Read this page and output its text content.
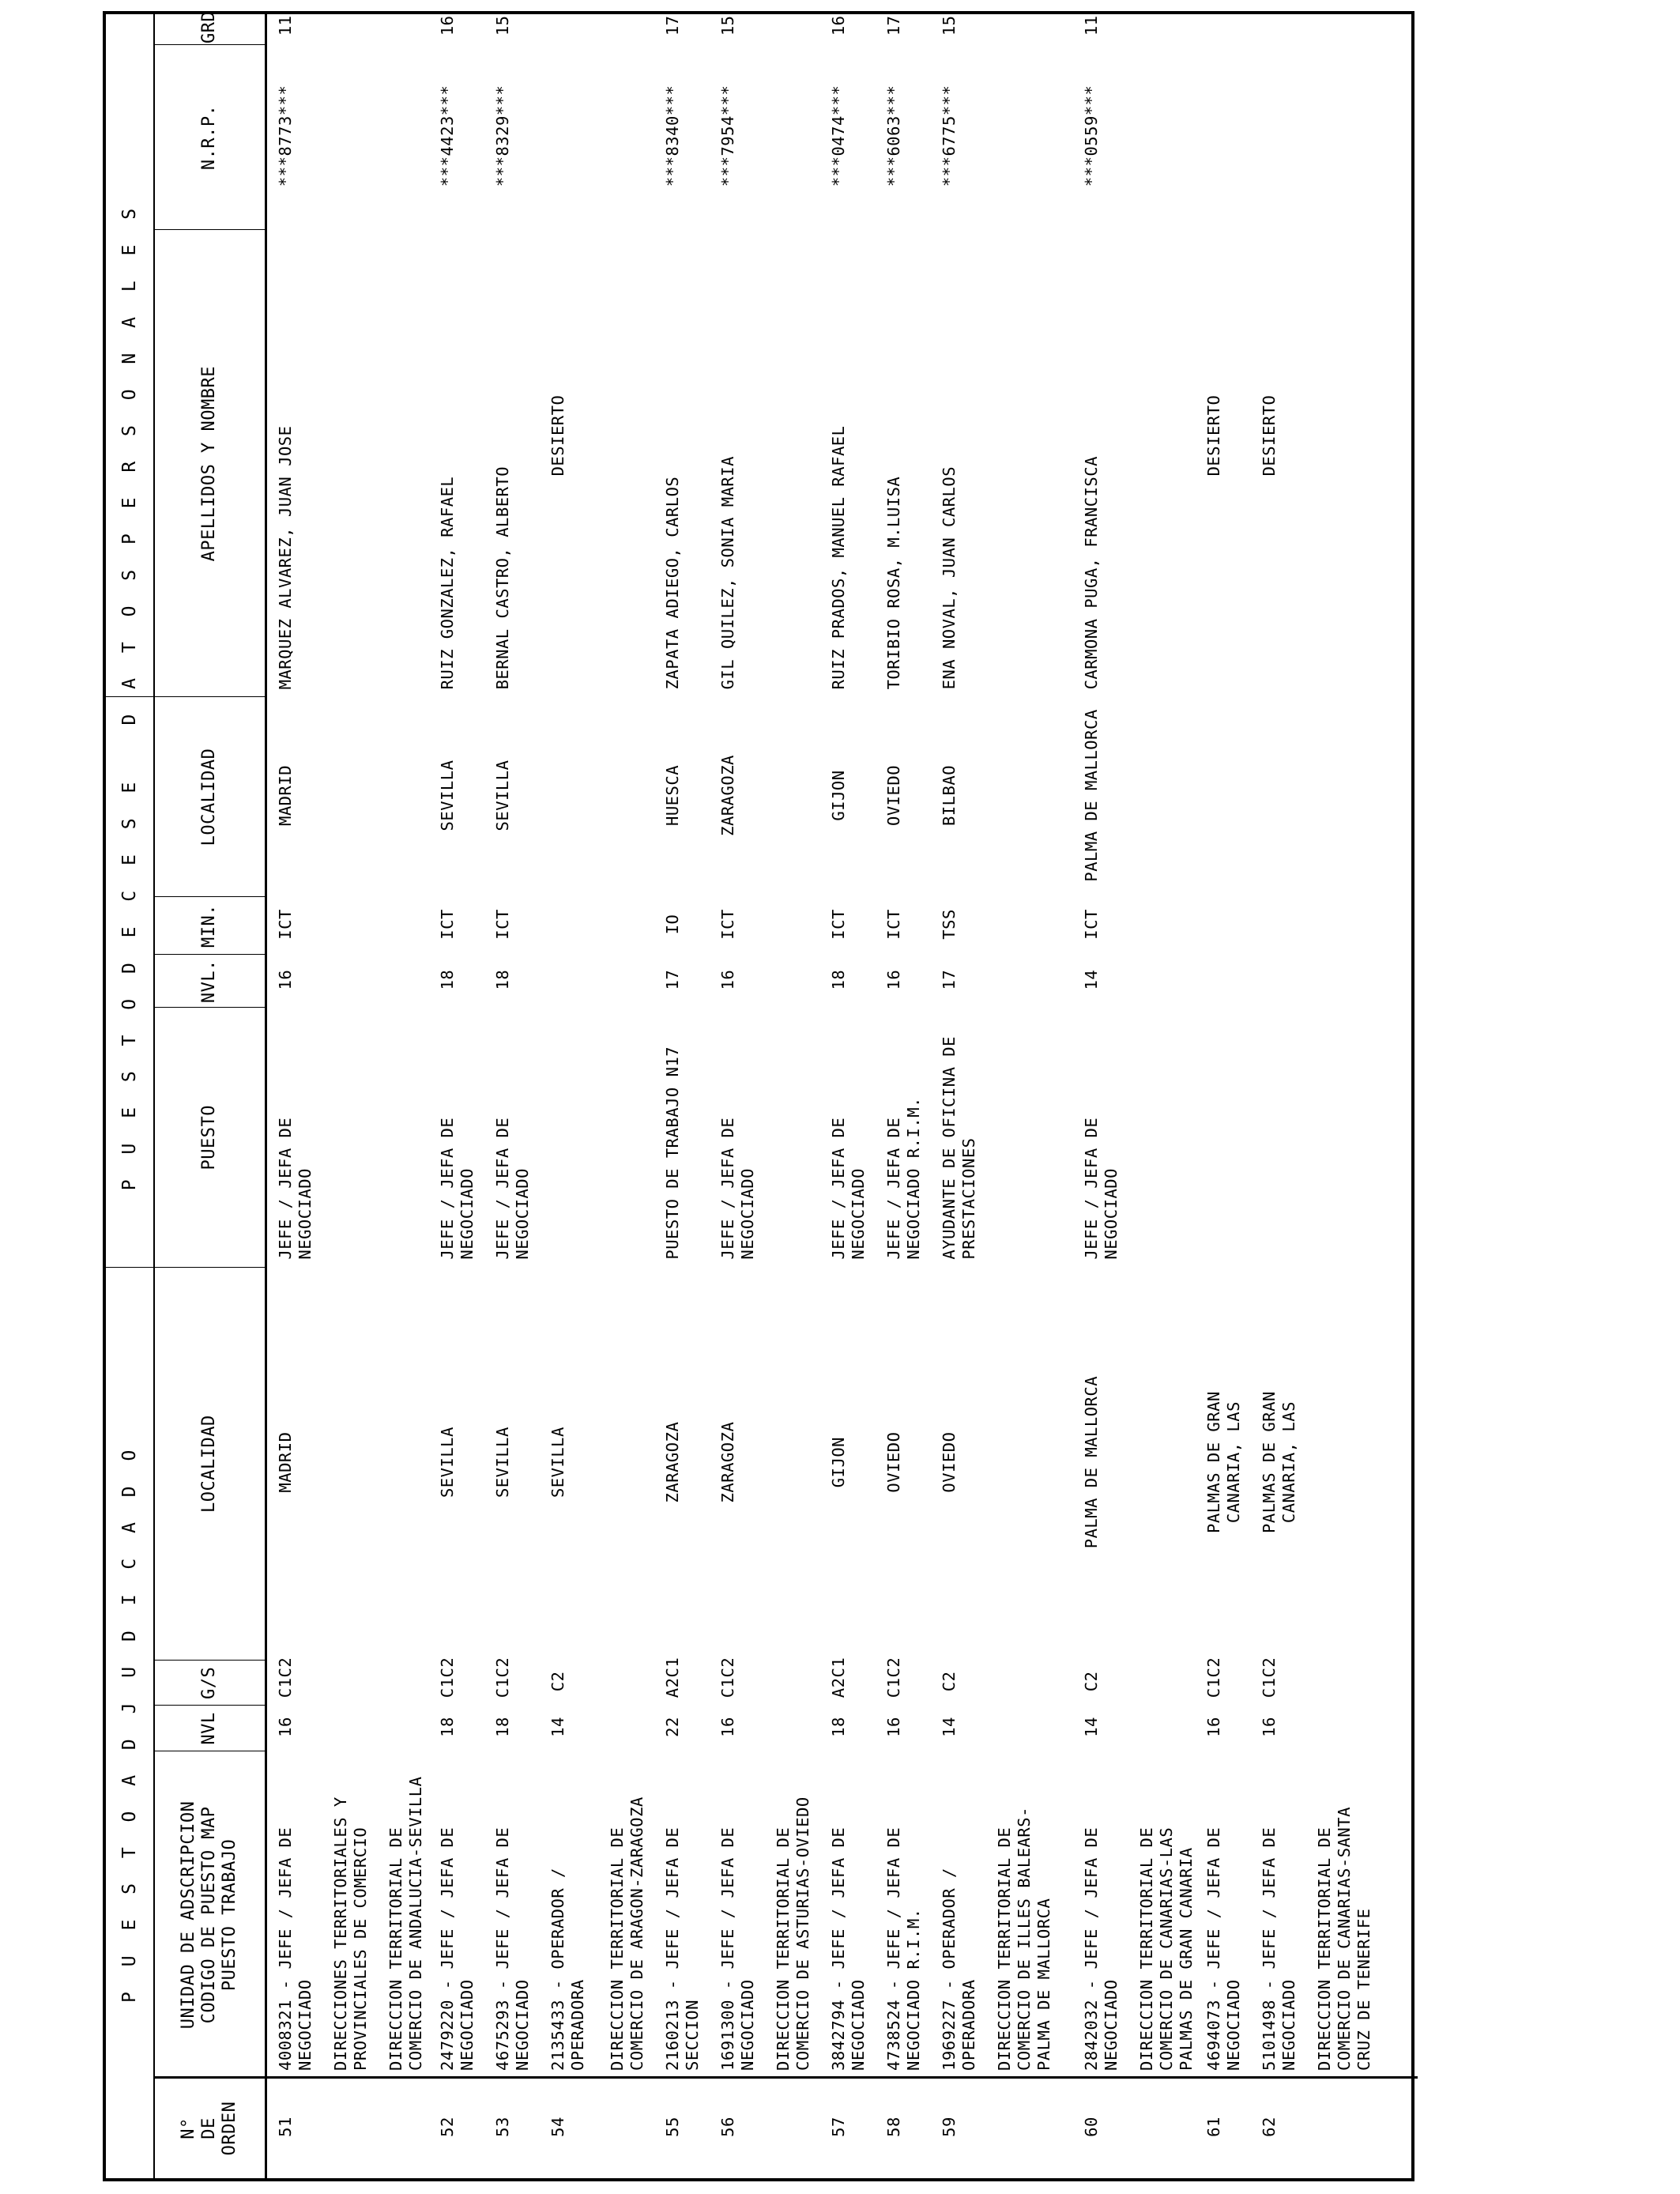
P U E S T O A D J U D I C A D O
P U E S T O D E C E S E
D A T O S P E R S O N A L E S
N°
DE
ORDEN
UNIDAD DE ADSCRIPCION
CODIGO DE PUESTO MAP
PUESTO TRABAJO
NVL
G/S
LOCALIDAD
PUESTO
NVL.
MIN.
LOCALIDAD
APELLIDOS Y NOMBRE
N.R.P.
GRD
51
4008321 - JEFE / JEFA DE
NEGOCIADO
16
C1C2
MADRID
JEFE / JEFA DE
NEGOCIADO
16
ICT
MADRID
MARQUEZ ALVAREZ, JUAN JOSE
***8773***
11
DIRECCIONES TERRITORIALES Y
PROVINCIALES DE COMERCIO
DIRECCION TERRITORIAL DE
COMERCIO DE ANDALUCIA-SEVILLA
52
2479220 - JEFE / JEFA DE
NEGOCIADO
18
C1C2
SEVILLA
JEFE / JEFA DE
NEGOCIADO
18
ICT
SEVILLA
RUIZ GONZALEZ, RAFAEL
***4423***
16
53
4675293 - JEFE / JEFA DE
NEGOCIADO
18
C1C2
SEVILLA
JEFE / JEFA DE
NEGOCIADO
18
ICT
SEVILLA
BERNAL CASTRO, ALBERTO
***8329***
15
54
2135433 - OPERADOR /
OPERADORA
14
C2
SEVILLA
DESIERTO
DIRECCION TERRITORIAL DE
COMERCIO DE ARAGON-ZARAGOZA
55
2160213 - JEFE / JEFA DE
SECCION
22
A2C1
ZARAGOZA
PUESTO DE TRABAJO N17
17
IO
HUESCA
ZAPATA ADIEGO, CARLOS
***8340***
17
56
1691300 - JEFE / JEFA DE
NEGOCIADO
16
C1C2
ZARAGOZA
JEFE / JEFA DE
NEGOCIADO
16
ICT
ZARAGOZA
GIL QUILEZ, SONIA MARIA
***7954***
15
DIRECCION TERRITORIAL DE
COMERCIO DE ASTURIAS-OVIEDO
57
3842794 - JEFE / JEFA DE
NEGOCIADO
18
A2C1
GIJON
JEFE / JEFA DE
NEGOCIADO
18
ICT
GIJON
RUIZ PRADOS, MANUEL RAFAEL
***0474***
16
58
4738524 - JEFE / JEFA DE
NEGOCIADO R.I.M.
16
C1C2
OVIEDO
JEFE / JEFA DE
NEGOCIADO R.I.M.
16
ICT
OVIEDO
TORIBIO ROSA, M.LUISA
***6063***
17
59
1969227 - OPERADOR /
OPERADORA
14
C2
OVIEDO
AYUDANTE DE OFICINA DE
PRESTACIONES
17
TSS
BILBAO
ENA NOVAL, JUAN CARLOS
***6775***
15
DIRECCION TERRITORIAL DE
COMERCIO DE ILLES BALEARS-
PALMA DE MALLORCA
60
2842032 - JEFE / JEFA DE
NEGOCIADO
14
C2
PALMA DE MALLORCA
JEFE / JEFA DE
NEGOCIADO
14
ICT
PALMA DE MALLORCA
CARMONA PUGA, FRANCISCA
***0559***
11
DIRECCION TERRITORIAL DE
COMERCIO DE CANARIAS-LAS
PALMAS DE GRAN CANARIA
61
4694073 - JEFE / JEFA DE
NEGOCIADO
16
C1C2
PALMAS DE GRAN
CANARIA, LAS
DESIERTO
62
5101498 - JEFE / JEFA DE
NEGOCIADO
16
C1C2
PALMAS DE GRAN
CANARIA, LAS
DESIERTO
DIRECCION TERRITORIAL DE
COMERCIO DE CANARIAS-SANTA
CRUZ DE TENERIFE
